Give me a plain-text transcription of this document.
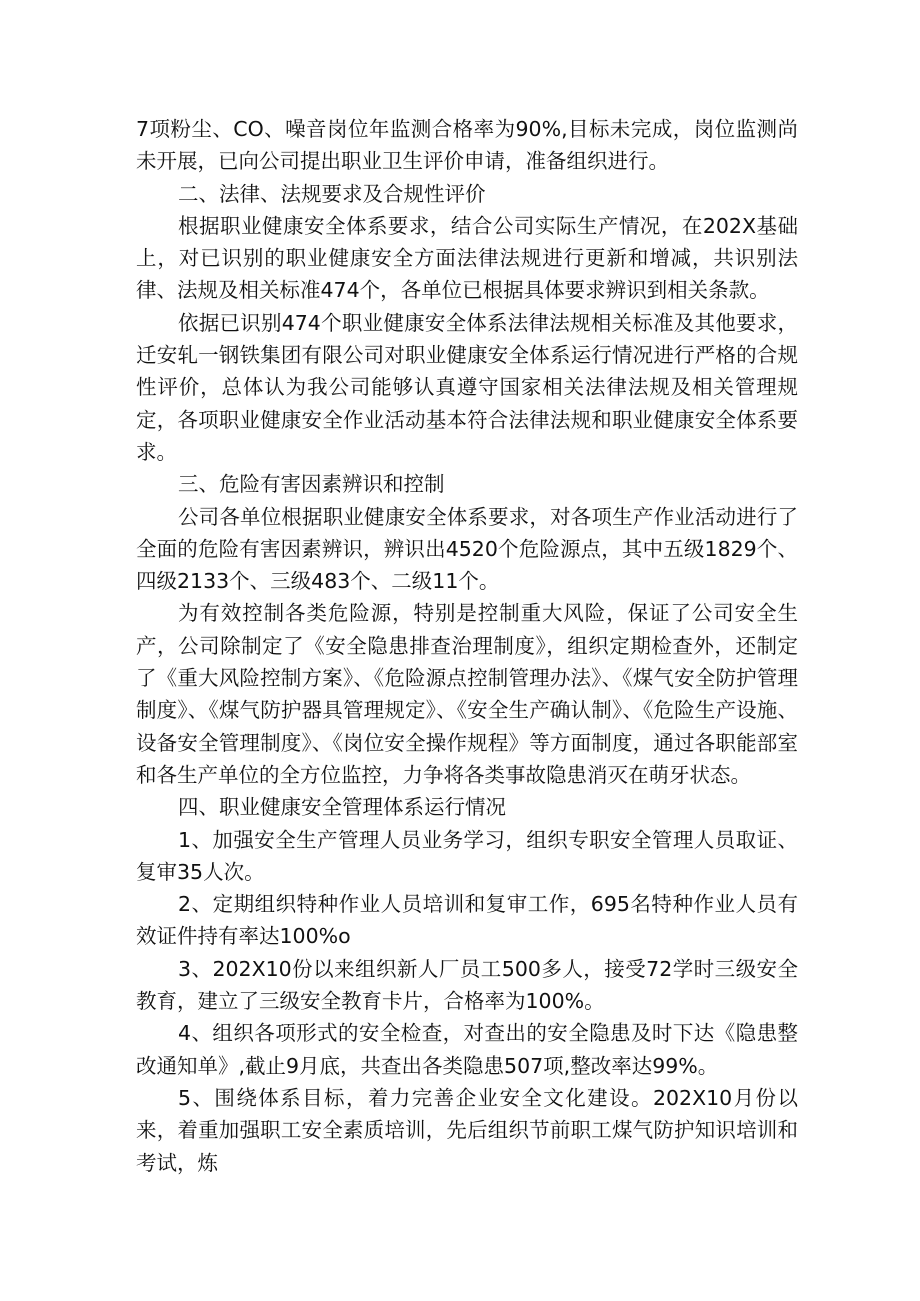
7项粉尘、CO、噪音岗位年监测合格率为90%,目标未完成，岗位监测尚未开展，已向公司提出职业卫生评价申请，准备组织进行。

二、法律、法规要求及合规性评价

根据职业健康安全体系要求，结合公司实际生产情况，在202X基础上，对已识别的职业健康安全方面法律法规进行更新和增减，共识别法律、法规及相关标准474个，各单位已根据具体要求辨识到相关条款。

依据已识别474个职业健康安全体系法律法规相关标准及其他要求，迁安轧一钢铁集团有限公司对职业健康安全体系运行情况进行严格的合规性评价，总体认为我公司能够认真遵守国家相关法律法规及相关管理规定，各项职业健康安全作业活动基本符合法律法规和职业健康安全体系要求。

三、危险有害因素辨识和控制

公司各单位根据职业健康安全体系要求，对各项生产作业活动进行了全面的危险有害因素辨识，辨识出4520个危险源点，其中五级1829个、四级2133个、三级483个、二级11个。

为有效控制各类危险源，特别是控制重大风险，保证了公司安全生产，公司除制定了《安全隐患排查治理制度》，组织定期检查外，还制定了《重大风险控制方案》、《危险源点控制管理办法》、《煤气安全防护管理制度》、《煤气防护器具管理规定》、《安全生产确认制》、《危险生产设施、设备安全管理制度》、《岗位安全操作规程》等方面制度，通过各职能部室和各生产单位的全方位监控，力争将各类事故隐患消灭在萌牙状态。

四、职业健康安全管理体系运行情况

1、加强安全生产管理人员业务学习，组织专职安全管理人员取证、复审35人次。

2、定期组织特种作业人员培训和复审工作，695名特种作业人员有效证件持有率达100%o

3、202X10份以来组织新人厂员工500多人，接受72学时三级安全教育，建立了三级安全教育卡片，合格率为100%。

4、组织各项形式的安全检查，对查出的安全隐患及时下达《隐患整改通知单》,截止9月底，共查出各类隐患507项,整改率达99%。

5、围绕体系目标，着力完善企业安全文化建设。202X10月份以来，着重加强职工安全素质培训，先后组织节前职工煤气防护知识培训和考试，炼
